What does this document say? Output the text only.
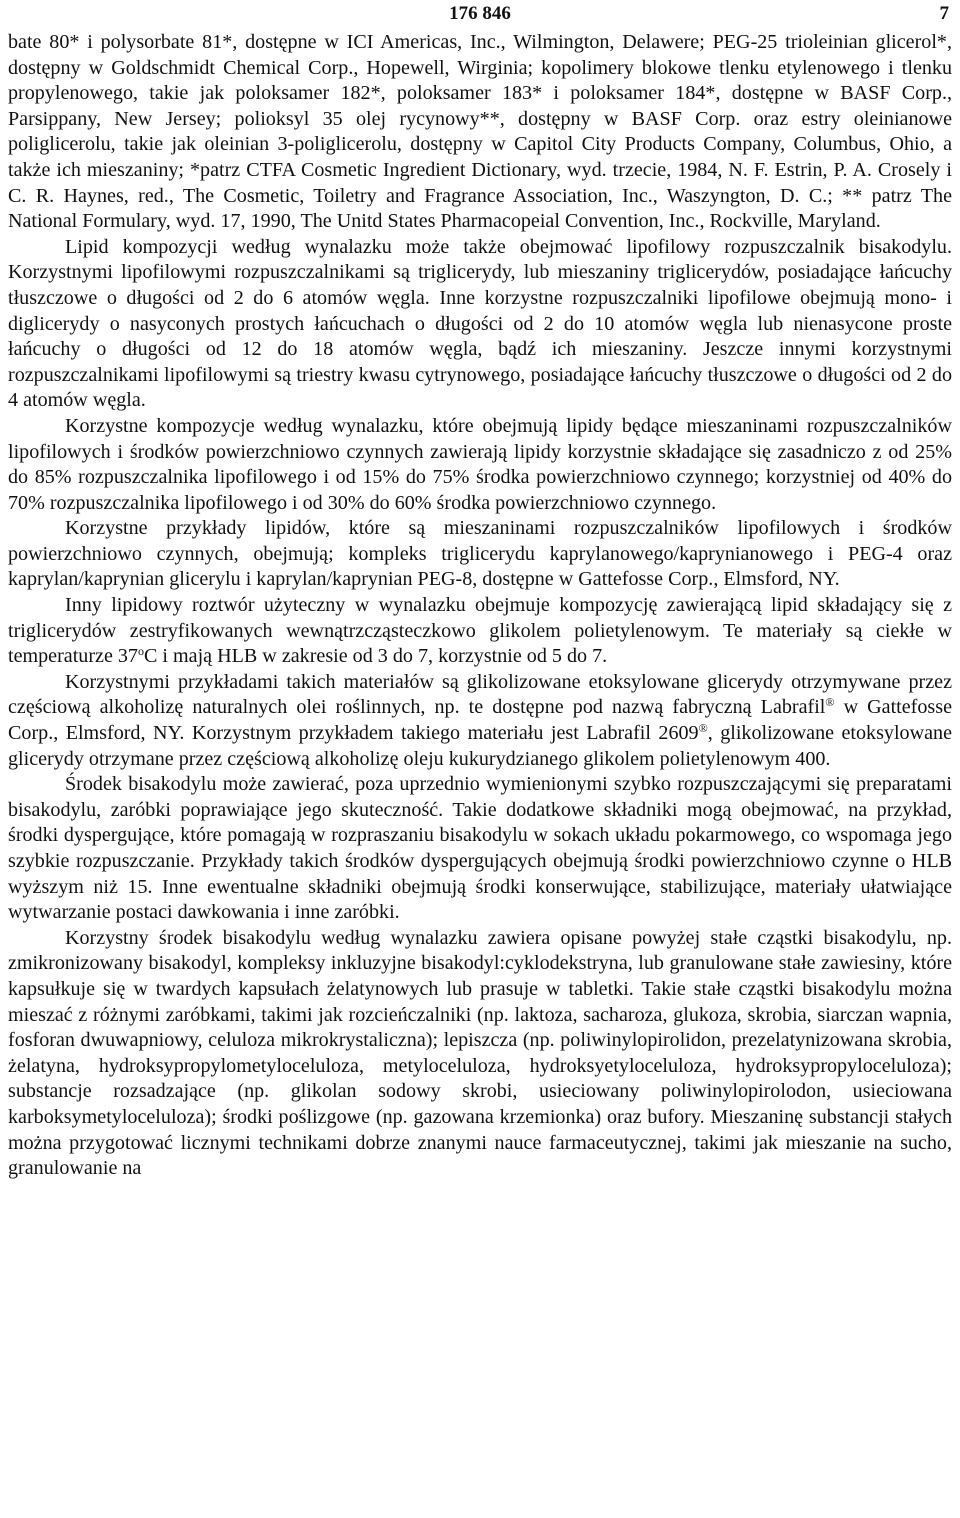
176 846	7

bate 80* i polysorbate 81*, dostępne w ICI Americas, Inc., Wilmington, Delawere; PEG-25 trioleinian glicerol*, dostępny w Goldschmidt Chemical Corp., Hopewell, Wirginia; kopolimery blokowe tlenku etylenowego i tlenku propylenowego, takie jak poloksamer 182*, poloksamer 183* i poloksamer 184*, dostępne w BASF Corp., Parsippany, New Jersey; polioksyl 35 olej rycynowy**, dostępny w BASF Corp. oraz estry oleinianowe poliglicerolu, takie jak oleinian 3-poliglicerolu, dostępny w Capitol City Products Company, Columbus, Ohio, a także ich mieszaniny; *patrz CTFA Cosmetic Ingredient Dictionary, wyd. trzecie, 1984, N. F. Estrin, P. A. Crosely i C. R. Haynes, red., The Cosmetic, Toiletry and Fragrance Association, Inc., Waszyngton, D. C.; ** patrz The National Formulary, wyd. 17, 1990, The Unitd States Pharmacopeial Convention, Inc., Rockville, Maryland.

Lipid kompozycji według wynalazku może także obejmować lipofilowy rozpuszczalnik bisakodylu. Korzystnymi lipofilowymi rozpuszczalnikami są triglicerydy, lub mieszaniny triglicerydów, posiadające łańcuchy tłuszczowe o długości od 2 do 6 atomów węgla. Inne korzystne rozpuszczalniki lipofilowe obejmują mono- i diglicerydy o nasyconych prostych łańcuchach o długości od 2 do 10 atomów węgla lub nienasycone proste łańcuchy o długości od 12 do 18 atomów węgla, bądź ich mieszaniny. Jeszcze innymi korzystnymi rozpuszczalnikami lipofilowymi są triestry kwasu cytrynowego, posiadające łańcuchy tłuszczowe o długości od 2 do 4 atomów węgla.

Korzystne kompozycje według wynalazku, które obejmują lipidy będące mieszaninami rozpuszczalników lipofilowych i środków powierzchniowo czynnych zawierają lipidy korzystnie składające się zasadniczo z od 25% do 85% rozpuszczalnika lipofilowego i od 15% do 75% środka powierzchniowo czynnego; korzystniej od 40% do 70% rozpuszczalnika lipofilowego i od 30% do 60% środka powierzchniowo czynnego.

Korzystne przykłady lipidów, które są mieszaninami rozpuszczalników lipofilowych i środków powierzchniowo czynnych, obejmują; kompleks triglicerydu kaprylanowego/kaprynianowego i PEG-4 oraz kaprylan/kaprynian glicerylu i kaprylan/kaprynian PEG-8, dostępne w Gattefosse Corp., Elmsford, NY.

Inny lipidowy roztwór użyteczny w wynalazku obejmuje kompozycję zawierającą lipid składający się z triglicerydów zestryfikowanych wewnątrzcząsteczkowo glikolem polietylenowym. Te materiały są ciekłe w temperaturze 37$^o$C i mają HLB w zakresie od 3 do 7, korzystnie od 5 do 7.

Korzystnymi przykładami takich materiałów są glikolizowane etoksylowane glicerydy otrzymywane przez częściową alkoholizę naturalnych olei roślinnych, np. te dostępne pod nazwą fabryczną Labrafil® w Gattefosse Corp., Elmsford, NY. Korzystnym przykładem takiego materiału jest Labrafil 2609®, glikolizowane etoksylowane glicerydy otrzymane przez częściową alkoholizę oleju kukurydzianego glikolem polietylenowym 400.

Środek bisakodylu może zawierać, poza uprzednio wymienionymi szybko rozpuszczającymi się preparatami bisakodylu, zaróbki poprawiające jego skuteczność. Takie dodatkowe składniki mogą obejmować, na przykład, środki dyspergujące, które pomagają w rozpraszaniu bisakodylu w sokach układu pokarmowego, co wspomaga jego szybkie rozpuszczanie. Przykłady takich środków dyspergujących obejmują środki powierzchniowo czynne o HLB wyższym niż 15. Inne ewentualne składniki obejmują środki konserwujące, stabilizujące, materiały ułatwiające wytwarzanie postaci dawkowania i inne zaróbki.

Korzystny środek bisakodylu według wynalazku zawiera opisane powyżej stałe cząstki bisakodylu, np. zmikronizowany bisakodyl, kompleksy inkluzyjne bisakodyl:cyklodekstryna, lub granulowane stałe zawiesiny, które kapsułkuje się w twardych kapsułach żelatynowych lub prasuje w tabletki. Takie stałe cząstki bisakodylu można mieszać z różnymi zaróbkami, takimi jak rozcieńczalniki (np. laktoza, sacharoza, glukoza, skrobia, siarczan wapnia, fosforan dwuwapniowy, celuloza mikrokrystaliczna); lepiszcza (np. poliwinylopirolidon, prezelatynizowana skrobia, żelatyna, hydroksypropylometyloceluloza, metyloceluloza, hydroksyetyloceluloza, hydroksypropyloceluloza); substancje rozsadzające (np. glikolan sodowy skrobi, usieciowany poliwinylopirolodon, usieciowana karboksymetyloceluloza); środki poślizgowe (np. gazowana krzemionka) oraz bufory. Mieszaninę substancji stałych można przygotować licznymi technikami dobrze znanymi nauce farmaceutycznej, takimi jak mieszanie na sucho, granulowanie na
